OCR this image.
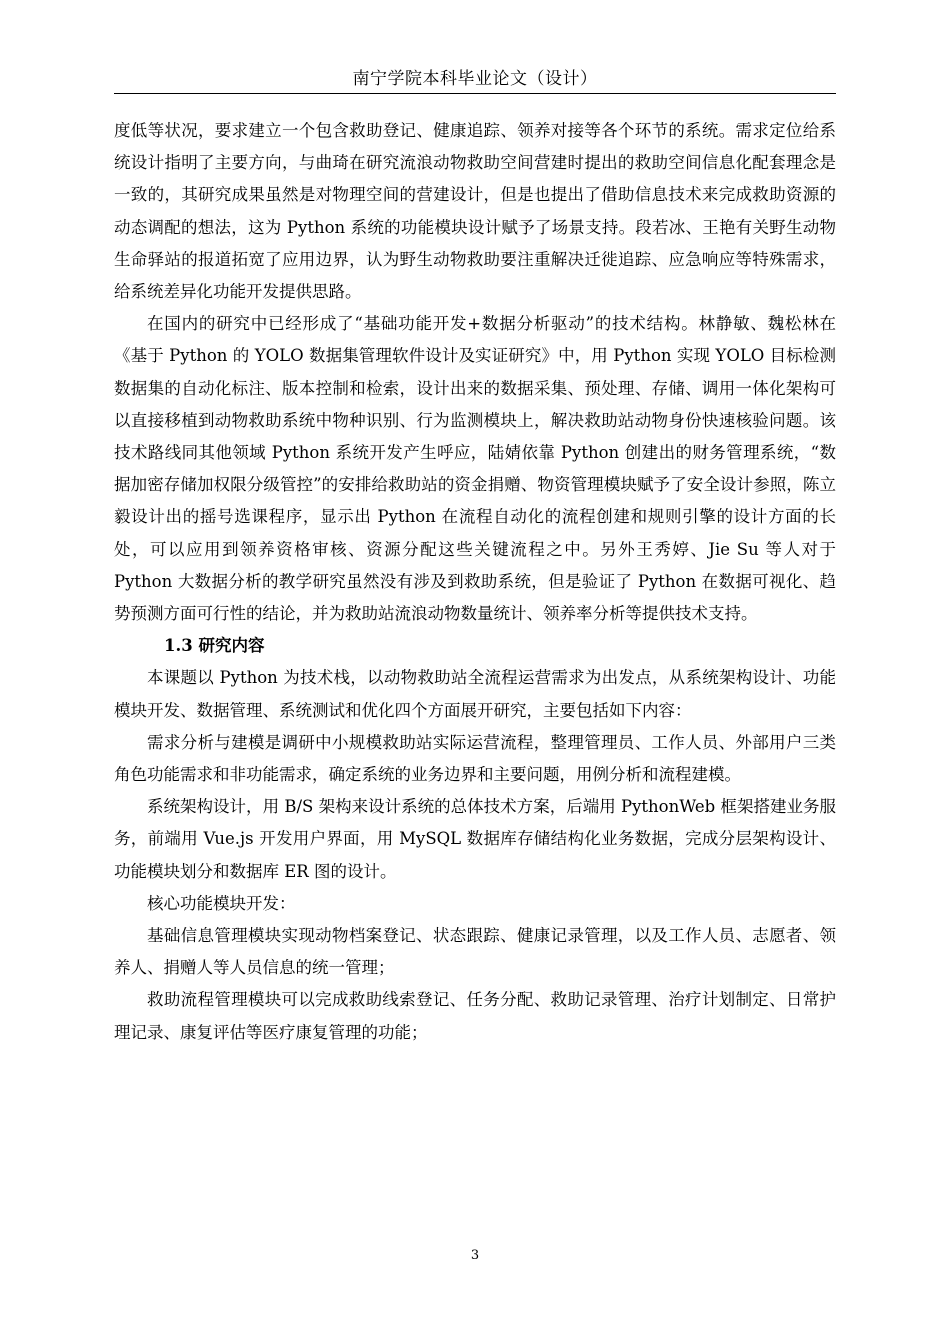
南宁学院本科毕业论文（设计）

度低等状况，要求建立一个包含救助登记、健康追踪、领养对接等各个环节的系统。需求定位给系统设计指明了主要方向，与曲琦在研究流浪动物救助空间营建时提出的救助空间信息化配套理念是一致的，其研究成果虽然是对物理空间的营建设计，但是也提出了借助信息技术来完成救助资源的动态调配的想法，这为 Python 系统的功能模块设计赋予了场景支持。段若冰、王艳有关野生动物生命驿站的报道拓宽了应用边界，认为野生动物救助要注重解决迁徙追踪、应急响应等特殊需求，给系统差异化功能开发提供思路。

在国内的研究中已经形成了“基础功能开发+数据分析驱动”的技术结构。林静敏、魏松林在《基于 Python 的 YOLO 数据集管理软件设计及实证研究》中，用 Python 实现 YOLO 目标检测数据集的自动化标注、版本控制和检索，设计出来的数据采集、预处理、存储、调用一体化架构可以直接移植到动物救助系统中物种识别、行为监测模块上，解决救助站动物身份快速核验问题。该技术路线同其他领域 Python 系统开发产生呼应，陆婧依靠 Python 创建出的财务管理系统，“数据加密存储加权限分级管控”的安排给救助站的资金捐赠、物资管理模块赋予了安全设计参照，陈立毅设计出的摇号选课程序，显示出 Python 在流程自动化的流程创建和规则引擎的设计方面的长处，可以应用到领养资格审核、资源分配这些关键流程之中。另外王秀婷、Jie Su 等人对于 Python 大数据分析的教学研究虽然没有涉及到救助系统，但是验证了 Python 在数据可视化、趋势预测方面可行性的结论，并为救助站流浪动物数量统计、领养率分析等提供技术支持。

1.3 研究内容

本课题以 Python 为技术栈，以动物救助站全流程运营需求为出发点，从系统架构设计、功能模块开发、数据管理、系统测试和优化四个方面展开研究，主要包括如下内容：

需求分析与建模是调研中小规模救助站实际运营流程，整理管理员、工作人员、外部用户三类角色功能需求和非功能需求，确定系统的业务边界和主要问题，用例分析和流程建模。

系统架构设计，用 B/S 架构来设计系统的总体技术方案，后端用 PythonWeb 框架搭建业务服务，前端用 Vue.js 开发用户界面，用 MySQL 数据库存储结构化业务数据，完成分层架构设计、功能模块划分和数据库 ER 图的设计。

核心功能模块开发：

基础信息管理模块实现动物档案登记、状态跟踪、健康记录管理，以及工作人员、志愿者、领养人、捐赠人等人员信息的统一管理；

救助流程管理模块可以完成救助线索登记、任务分配、救助记录管理、治疗计划制定、日常护理记录、康复评估等医疗康复管理的功能；

3
